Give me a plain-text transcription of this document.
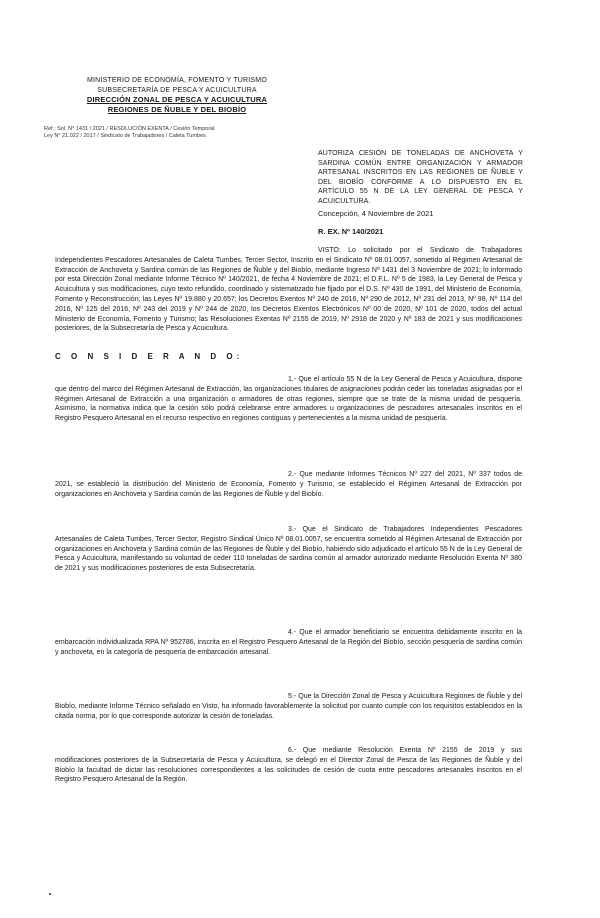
MINISTERIO DE ECONOMÍA, FOMENTO Y TURISMO
SUBSECRETARÍA DE PESCA Y ACUICULTURA
DIRECCIÓN ZONAL DE PESCA Y ACUICULTURA
REGIONES DE ÑUBLE Y DEL BIOBÍO
Ref.: Sol. N° 1431 / 2021 / RESOLUCIÓN EXENTA / Cesión Temporal
Ley N° 21.022 / 2017 / Sindicato de Trabajadores / Caleta Tumbes
AUTORIZA CESIÓN DE TONELADAS DE ANCHOVETA Y SARDINA COMÚN ENTRE ORGANIZACIÓN Y ARMADOR ARTESANAL INSCRITOS EN LAS REGIONES DE ÑUBLE Y DEL BIOBÍO CONFORME A LO DISPUESTO EN EL ARTÍCULO 55 N DE LA LEY GENERAL DE PESCA Y ACUICULTURA.
Concepción, 4 Noviembre de 2021
R. EX. Nº 140/2021
VISTO: Lo solicitado por el Sindicato de Trabajadores Independientes Pescadores Artesanales de Caleta Tumbes, Tercer Sector, Inscrito en el Sindicato Nº 08.01.0057, sometido al Régimen Artesanal de Extracción de Anchoveta y Sardina común de las Regiones de Ñuble y del Biobío, mediante Ingreso Nº 1431 del 3 Noviembre de 2021; lo informado por esta Dirección Zonal mediante Informe Técnico Nº 140/2021, de fecha 4 Noviembre de 2021; el D.F.L. Nº 5 de 1983, la Ley General de Pesca y Acuicultura y sus modificaciones, cuyo texto refundido, coordinado y sistematizado fue fijado por el D.S. Nº 430 de 1991, del Ministerio de Economía, Fomento y Reconstrucción; las Leyes Nº 19.880 y 20.657; los Decretos Exentos Nº 240 de 2016, Nº 290 de 2012, Nº 231 del 2013, Nº 98, Nº 114 del 2016, Nº 125 del 2016, Nº 243 del 2019 y Nº 244 de 2020, los Decretos Exentos Electrónicos Nº 00 de 2020, Nº 101 de 2020, todos del actual Ministerio de Economía, Fomento y Turismo; las Resoluciones Exentas Nº 2155 de 2019, Nº 2918 de 2020 y Nº 183 de 2021 y sus modificaciones posteriores, de la Subsecretaría de Pesca y Acuicultura.
C O N S I D E R A N D O:
1.- Que el artículo 55 N de la Ley General de Pesca y Acuicultura, dispone que dentro del marco del Régimen Artesanal de Extracción, las organizaciones titulares de asignaciones podrán ceder las toneladas asignadas por el Régimen Artesanal de Extracción a una organización o armadores de otras regiones, siempre que se trate de la misma unidad de pesquería. Asimismo, la normativa indica que la cesión sólo podrá celebrarse entre armadores u organizaciones de pescadores artesanales inscritos en el Registro Pesquero Artesanal en el recurso respectivo en regiones contiguas y pertenecientes a la misma unidad de pesquería.
2.- Que mediante Informes Técnicos Nº 227 del 2021, Nº 337 todos de 2021, se estableció la distribución del Ministerio de Economía, Fomento y Turismo, se establecido el Régimen Artesanal de Extracción por organizaciones en Anchoveta y Sardina común de las Regiones de Ñuble y del Biobío.
3.- Que el Sindicato de Trabajadores Independientes Pescadores Artesanales de Caleta Tumbes, Tercer Sector, Registro Sindical Único Nº 08.01.0057, se encuentra sometido al Régimen Artesanal de Extracción por organizaciones en Anchoveta y Sardina común de las Regiones de Ñuble y del Biobío, habiendo sido adjudicado el artículo 55 N de la Ley General de Pesca y Acuicultura, manifestando su voluntad de ceder 110 toneladas de sardina común al armador autorizado mediante Resolución Exenta Nº 380 de 2021 y sus modificaciones posteriores de esta Subsecretaría.
4.- Que el armador beneficiario se encuentra debidamente inscrito en la embarcación individualizada RPA Nº 952786, inscrita en el Registro Pesquero Artesanal de la Región del Biobío, sección pesquería de sardina común y anchoveta, en la categoría de pesquería de embarcación artesanal.
5.- Que la Dirección Zonal de Pesca y Acuicultura Regiones de Ñuble y del Biobío, mediante Informe Técnico señalado en Visto, ha informado favorablemente la solicitud por cuanto cumple con los requisitos establecidos en la citada norma, por lo que corresponde autorizar la cesión de toneladas.
6.- Que mediante Resolución Exenta Nº 2155 de 2019 y sus modificaciones posteriores de la Subsecretaría de Pesca y Acuicultura, se delegó en el Director Zonal de Pesca de las Regiones de Ñuble y del Biobío la facultad de dictar las resoluciones correspondientes a las solicitudes de cesión de cuota entre pescadores artesanales inscritos en el Registro Pesquero Artesanal de la Región.
